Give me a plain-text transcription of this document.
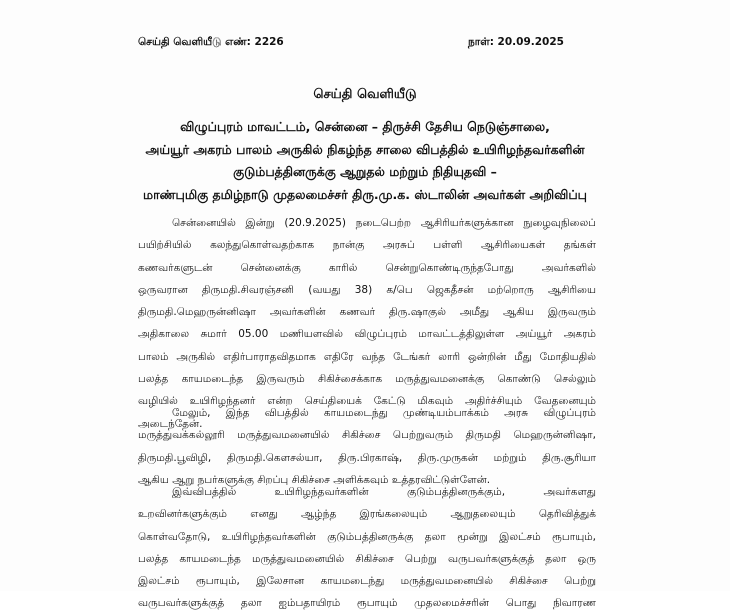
செய்தி வெளியீடு எண்: 2226	நாள்: 20.09.2025
செய்தி வெளியீடு
விழுப்புரம் மாவட்டம், சென்னை – திருச்சி தேசிய நெடுஞ்சாலை,
அய்யூர் அகரம் பாலம் அருகில் நிகழ்ந்த சாலை விபத்தில் உயிரிழந்தவர்களின்
குடும்பத்தினருக்கு ஆறுதல் மற்றும் நிதியுதவி –
மாண்புமிகு தமிழ்நாடு முதலமைச்சர் திரு.மு.க. ஸ்டாலின் அவர்கள் அறிவிப்பு
சென்னையில் இன்று (20.9.2025) நடைபெற்ற ஆசிரியர்களுக்கான நுழைவுநிலைப்
பயிற்சியில் கலந்துகொள்வதற்காக நான்கு அரசுப் பள்ளி ஆசிரியைகள் தங்கள்
கணவர்களுடன் சென்னைக்கு காரில் சென்றுகொண்டிருந்தபோது அவர்களில்
ஒருவரான திருமதி.சிவரஞ்சனி (வயது 38) க/பெ ஜெகதீசன் மற்றொரு ஆசிரியை
திருமதி.மெஹருன்னிஷா அவர்களின் கணவர் திரு.ஷாகுல் அமீது ஆகிய இருவரும்
அதிகாலை சுமார் 05.00 மணியளவில் விழுப்புரம் மாவட்டத்திலுள்ள அய்யூர் அகரம்
பாலம் அருகில் எதிர்பாராதவிதமாக எதிரே வந்த டேங்கர் லாரி ஒன்றின் மீது மோதியதில்
பலத்த காயமடைந்த இருவரும் சிகிச்சைக்காக மருத்துவமனைக்கு கொண்டு செல்லும்
வழியில் உயிரிழந்தனர் என்ற செய்தியைக் கேட்டு மிகவும் அதிர்ச்சியும் வேதனையும்
அடைந்தேன்.
மேலும், இந்த விபத்தில் காயமடைந்து முண்டியம்பாக்கம் அரசு விழுப்புரம்
மருத்துவக்கல்லூரி மருத்துவமனையில் சிகிச்சை பெற்றுவரும் திருமதி மெஹருன்னிஷா,
திருமதி.பூவிழி, திருமதி.கௌசல்யா, திரு.பிரகாஷ், திரு.முருகன் மற்றும் திரு.சூரியா
ஆகிய ஆறு நபர்களுக்கு சிறப்பு சிகிச்சை அளிக்கவும் உத்தரவிட்டுள்ளேன்.
இவ்விபத்தில் உயிரிழந்தவர்களின் குடும்பத்தினருக்கும், அவர்களது
உறவினர்களுக்கும் எனது ஆழ்ந்த இரங்கலையும் ஆறுதலையும் தெரிவித்துக்
கொள்வதோடு, உயிரிழந்தவர்களின் குடும்பத்தினருக்கு தலா மூன்று இலட்சம் ரூபாயும்,
பலத்த காயமடைந்த மருத்துவமனையில் சிகிச்சை பெற்று வருபவர்களுக்குத் தலா ஒரு
இலட்சம் ரூபாயும், இலேசான காயமடைந்து மருத்துவமனையில் சிகிச்சை பெற்று
வருபவர்களுக்குத் தலா ஐம்பதாயிரம் ரூபாயும் முதலமைச்சரின் பொது நிவாரண
